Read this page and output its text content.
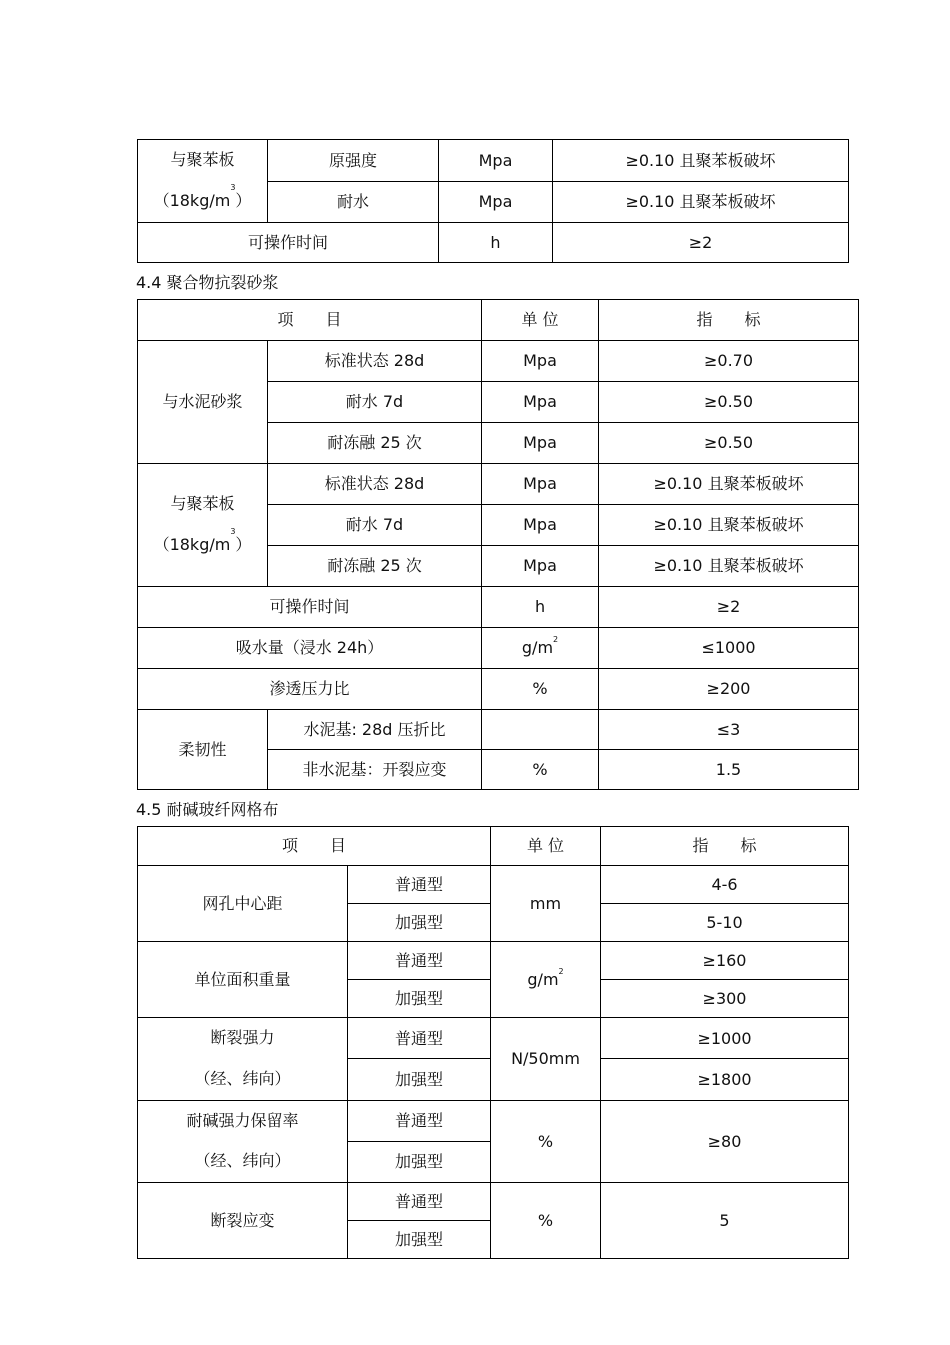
与聚苯板
$(18kg/m^3)$	原强度	Mpa	≥0.10 且聚苯板破坏
	耐水	Mpa	≥0.10 且聚苯板破坏
可操作时间		h	≥2
4.4 聚合物抗裂砂浆
项　　目		单 位	指　　标
与水泥砂浆	标准状态 28d	Mpa	≥0.70
	耐水 7d	Mpa	≥0.50
	耐冻融 25 次	Mpa	≥0.50
与聚苯板
$(18kg/m^3)$	标准状态 28d	Mpa	≥0.10 且聚苯板破坏
	耐水 7d	Mpa	≥0.10 且聚苯板破坏
	耐冻融 25 次	Mpa	≥0.10 且聚苯板破坏
可操作时间		h	≥2
吸水量（浸水 24h）		$g/m^2$	≤1000
渗透压力比		%	≥200
柔韧性	水泥基: 28d 压折比		≤3
	非水泥基：开裂应变	%	1.5
4.5 耐碱玻纤网格布
项　　目		单 位	指　　标
网孔中心距	普通型	mm	4-6
	加强型		5-10
单位面积重量	普通型	$g/m^2$	≥160
	加强型		≥300
断裂强力
（经、纬向）	普通型	N/50mm	≥1000
	加强型		≥1800
耐碱强力保留率
（经、纬向）	普通型	%	≥80
	加强型		
断裂应变	普通型	%	5
	加强型		
